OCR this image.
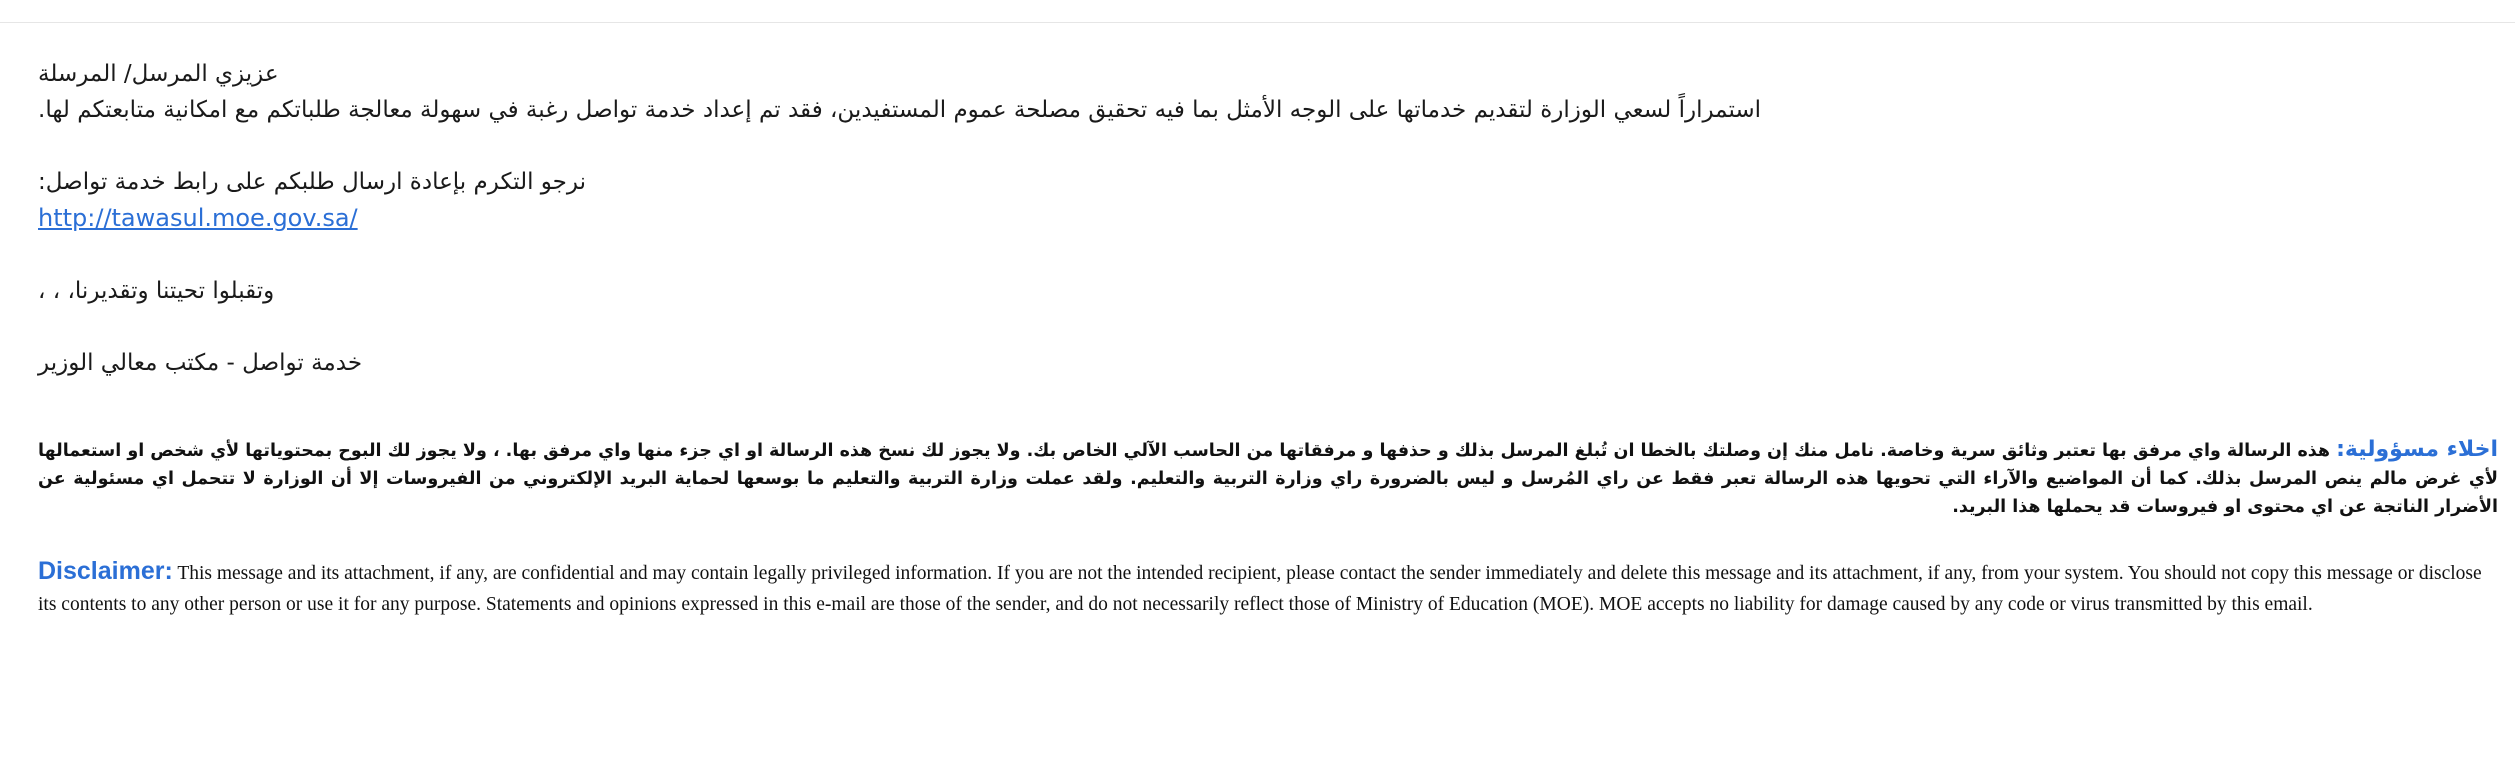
عزيزي المرسل/ المرسلة
.استمراراً لسعي الوزارة لتقديم خدماتها على الوجه الأمثل بما فيه تحقيق مصلحة عموم المستفيدين، فقد تم إعداد خدمة تواصل رغبة في سهولة معالجة طلباتكم مع امكانية متابعتكم لها
:نرجو التكرم بإعادة ارسال طلبكم على رابط خدمة تواصل
http://tawasul.moe.gov.sa/
، ، ،وتقبلوا تحيتنا وتقديرنا
خدمة تواصل - مكتب معالي الوزير
اخلاء مسؤولية: هذه الرسالة واي مرفق بها تعتبر وثائق سرية وخاصة. نامل منك إن وصلتك بالخطا ان تُبلغ المرسل بذلك و حذفها و مرفقاتها من الحاسب الآلي الخاص بك. ولا يجوز لك نسخ هذه الرسالة او اي جزء منها واي مرفق بها. ، ولا يجوز لك البوح بمحتوياتها لأي شخص او استعمالها لأي غرض مالم ينص المرسل بذلك. كما أن المواضيع والآراء التي تحويها هذه الرسالة تعبر فقط عن راي المُرسل و ليس بالضرورة راي وزارة التربية والتعليم. ولقد عملت وزارة التربية والتعليم ما بوسعها لحماية البريد الإلكتروني من الفيروسات إلا أن الوزارة لا تتحمل اي مسئولية عن الأضرار الناتجة عن اي محتوى او فيروسات قد يحملها هذا البريد.
Disclaimer: This message and its attachment, if any, are confidential and may contain legally privileged information. If you are not the intended recipient, please contact the sender immediately and delete this message and its attachment, if any, from your system. You should not copy this message or disclose its contents to any other person or use it for any purpose. Statements and opinions expressed in this e-mail are those of the sender, and do not necessarily reflect those of Ministry of Education (MOE). MOE accepts no liability for damage caused by any code or virus transmitted by this email.
